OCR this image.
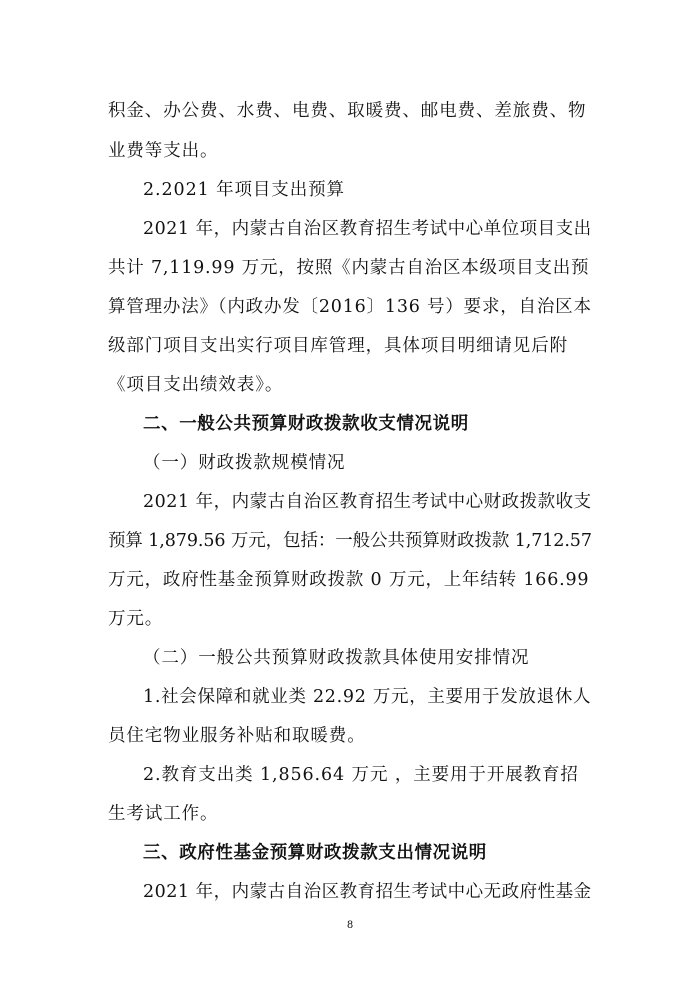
积金、办公费、水费、电费、取暖费、邮电费、差旅费、物
业费等支出。
2.2021 年项目支出预算
2021 年，内蒙古自治区教育招生考试中心单位项目支出
共计 7,119.99 万元，按照《内蒙古自治区本级项目支出预
算管理办法》（内政办发〔2016〕136 号）要求，自治区本
级部门项目支出实行项目库管理，具体项目明细请见后附
《项目支出绩效表》。
二、一般公共预算财政拨款收支情况说明
（一）财政拨款规模情况
2021 年，内蒙古自治区教育招生考试中心财政拨款收支
预算 1,879.56 万元，包括：一般公共预算财政拨款 1,712.57
万元，政府性基金预算财政拨款 0 万元，上年结转 166.99
万元。
（二）一般公共预算财政拨款具体使用安排情况
1.社会保障和就业类 22.92 万元，主要用于发放退休人
员住宅物业服务补贴和取暖费。
2.教育支出类 1,856.64 万元 ，主要用于开展教育招
生考试工作。
三、政府性基金预算财政拨款支出情况说明
2021 年，内蒙古自治区教育招生考试中心无政府性基金
8
